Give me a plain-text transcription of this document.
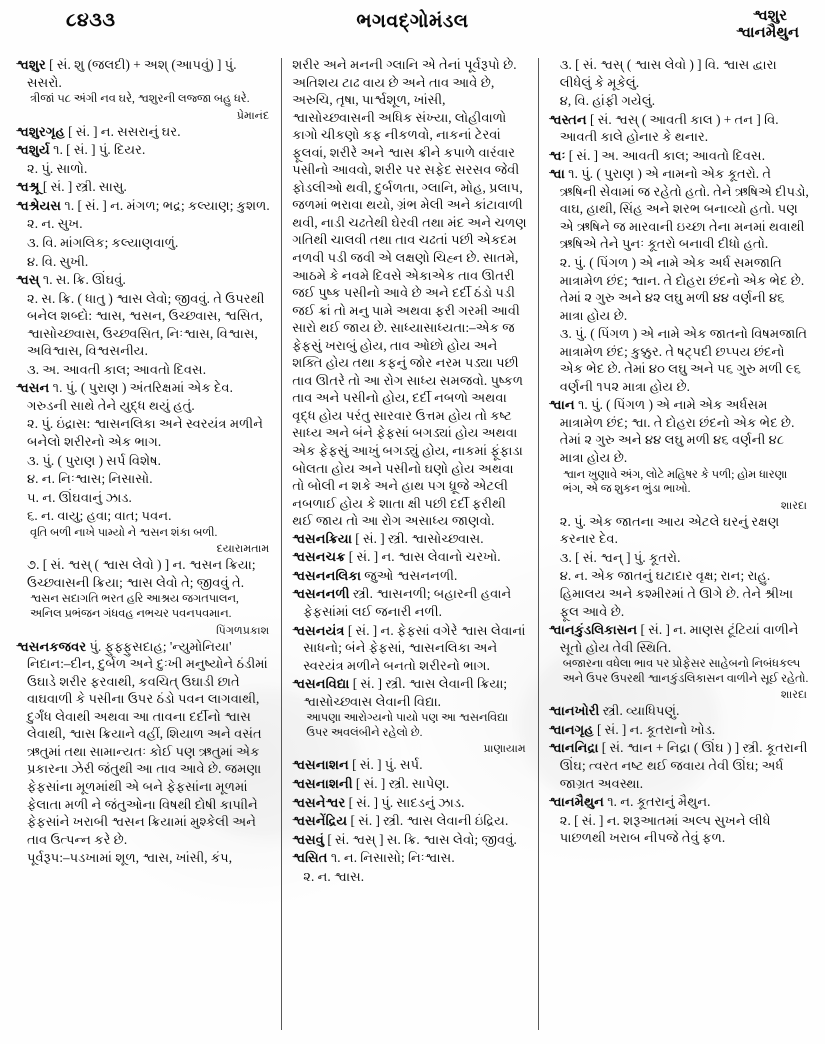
૮૪૩૩	ભગવદ્ગોમંડલ	શ્વશુર
શ્વાનમૈથુન
શ્વશુર [ સં. શુ (જલદી) + અશ્ (આપવું) ] પું. સસરો.
ત્રીજાં ૫૮ અંગી નવ ઘરે, શ્વશુરની લજ્જા બહુ ધરે.
પ્રેમાનંદ
શ્વશુરગૃહ [ સં. ] ન. સસરાનું ઘર.
શ્વશુર્ય ૧. [ સં. ] પું. દિયર.
૨. પું. સાળો.
શ્વશ્રૂ [ સં. ] સ્ત્રી. સાસુ.
શ્વશ્રેયસ ૧. [ સં. ] ન. મંગળ; ભદ્ર; કલ્યાણ; કુશળ.
૨. ન. સુખ.
૩. વિ. માંગલિક; કલ્યાણવાળું.
૪. વિ. સુખી.
શ્વસ્ ૧. સ. ક્રિ. ઊંઘવું.
૨. સ. ક્રિ. ( ધાતુ ) શ્વાસ લેવો; જીવવું. તે ઉપરથી બનેલ શબ્દો: શ્વાસ, શ્વસન, ઉચ્છ્વાસ, શ્વસિત, શ્વાસોચ્છ્વાસ, ઉચ્છ્વસિત, નિઃશ્વાસ, વિશ્વાસ, અવિશ્વાસ, વિશ્વસનીય.
૩. અ. આવતી કાલ; આવતો દિવસ.
શ્વસન ૧. પું. ( પુરાણ ) અંતરિક્ષમાં એક દેવ. ગરુડની સાથે તેને યુદ્ધ થયું હતું.
૨. પું. ઇંદ્રાસ: શ્વાસનલિકા અને સ્વરયંત્ર મળીને બનેલો શરીરનો એક ભાગ.
૩. પું. ( પુરાણ ) સર્પ વિશેષ.
૪. ન. નિઃશ્વાસ; નિસાસો.
૫. ન. ઊંઘવાનું ઝાડ.
૬. ન. વાયુ; હવા; વાત; પવન.
વૃતિ બળી નાખે પામ્યો ને શ્વસન શંકા બળી.
દયારામતામ
૭. [ સં. શ્વસ્ ( શ્વાસ લેવો ) ] ન. શ્વસન ક્રિયા; ઉચ્છ્વાસની ક્રિયા; શ્વાસ લેવો તે; જીવવું તે.
શ્વસન સદાગતિ ભરત હરિ આશ્રય જગતપાલન, અનિલ પ્રભંજન ગંધવહ નભચર પવનપવમાન.
પિંગળપ્રકાશ
શ્વસનકજવર પું. ફુફ્ફુસદાહ; 'ન્યુમોનિયા' નિદાન:–દીન, દુર્બળ અને દુઃખી મનુષ્યોને ઠંડીમાં ઉઘાડે શરીર ફરવાથી, કવચિત્ ઉઘાડી છાતે વાઘવાળી કે પસીના ઉપર ઠંડો પવન લાગવાથી, દુર્ગંધ લેવાથી અથવા આ તાવના દર્દીનો શ્વાસ લેવાથી, શ્વાસ ક્રિયાને વહીં, શિયાળ અને વસંત ઋતુમાં તથા સામાન્યતઃ કોઈ પણ ઋતુમાં એક પ્રકારના ઝેરી જંતુથી આ તાવ આવે છે. જમણા ફેફસાંના મૂળમાંથી એ બને ફેફસાંના મૂળમાં ફેલાતા મળી ને જંતુઓના વિષથી દોષી કાપાીને ફેફસાંને ખરાબી શ્વસન ક્રિયામાં મુશ્કેલી અને તાવ ઉત્પન્ન કરે છે.
પૂર્વરૂપ:–પડખામાં શૂળ, શ્વાસ, ખાંસી, કંપ,
શરીર અને મનની ગ્લાનિ એ તેનાં પૂર્વરૂપો છે. અતિશય ટાઢ વાય છે અને તાવ આવે છે, અરુચિ, તૃષા, પાર્શ્વશૂળ, ખાંસી, શ્વાસોચ્છ્વાસની અધિક સંખ્યા, લોહીવાળો કાગો ચીકણો કફ નીકળવો, નાકનાં ટેરવાં ફૂલવાં, શરીરે અને શ્વાસ ક્રીને કપાળે વારંવાર પસીનો આવવો, શરીર પર સફેદ સરસવ જેવી ફોડલીઓ થવી, દુર્બળતા, ગ્લાનિ, મોહ, પ્રલાપ, જળમાં ભરાવા થયો, ગ્રંભ મેલી અને કાંટાવાળી થવી, નાડી ચઢતેથી ઘેરવી તથા મંદ અને ચળણ ગતિથી ચાલવી તથા તાવ ચઢતાં પછી એકદમ નળવી પડી જવી એ લક્ષણો ચિહ્ન છે. સાતમે, આઠમે કે નવમે દિવસે એકાએક તાવ ઊતરી જઈ પુષ્ક પસીનો આવે છે અને દર્દી ઠંડો પડી જઈ ક્રાં તો મનુ પામે અથવા ફરી ગરમી આવી સારો થઈ જાય છે. સાધ્યાસાધ્યતા:–એક જ ફેફસું ખરાબું હોય, તાવ ઓછો હોય અને શક્તિ હોય તથા કફનું જોર નરમ પડ્યા પછી તાવ ઊતરે તો આ રોગ સાધ્ય સમજવો. પુષ્કળ તાવ અને પસીનો હોય, દર્દી નબળો અથવા વૃદ્ધ હોય પરંતુ સારવાર ઉત્તમ હોય તો કષ્ટ સાધ્ય અને બંને ફેફસાં બગડ્યાં હોય અથવા એક ફેફસું આખું બગડ્યું હોય, નાકમાં ફૂંફાડા બોલતા હોય અને પસીનો ઘણો હોય અથવા તો બોલી ન શકે અને હાથ પગ ધ્રૂજે એટલી નબળાઈ હોય કે શાતા ક્ષી પછી દર્દી ફરીથી થઈ જાય તો આ રોગ અસાધ્ય જાણવો.
શ્વસનક્રિયા [ સં. ] સ્ત્રી. શ્વાસોચ્છ્વાસ.
શ્વસનચક્ર [ સં. ] ન. શ્વાસ લેવાનો ચરખો.
શ્વસનનલિકા જુઓ શ્વસનનળી.
શ્વસનનળી સ્ત્રી. શ્વાસનળી; બહારની હવાને ફેફસાંમાં લઈ જનારી નળી.
શ્વસનયંત્ર [ સં. ] ન. ફેફસાં વગેરે શ્વાસ લેવાનાં સાધનો; બંને ફેફસાં, શ્વાસનલિકા અને સ્વરયંત્ર મળીને બનતો શરીરનો ભાગ.
શ્વસનવિદ્યા [ સં. ] સ્ત્રી. શ્વાસ લેવાની ક્રિયા; શ્વાસોચ્છ્વાસ લેવાની વિદ્યા.
આપણા આરોગ્યનો પાયો પણ આ શ્વસનવિદ્યા ઉપર અવલંબીને રહેલો છે.
પ્રાણાયામ
શ્વસનાશન [ સં. ] પું. સર્પ.
શ્વસનાશની [ સં. ] સ્ત્રી. સાપેણ.
શ્વસનેશ્વર [ સં. ] પું. સાદડનું ઝાડ.
શ્વસનેંદ્રિય [ સં. ] સ્ત્રી. શ્વાસ લેવાની ઇંદ્રિય.
શ્વસવું [ સં. શ્વસ્ ] સ. ક્રિ. શ્વાસ લેવો; જીવવું.
શ્વસિત ૧. ન. નિસાસો; નિઃશ્વાસ.
૨. ન. શ્વાસ.
૩. [ સં. શ્વસ્ ( શ્વાસ લેવો ) ] વિ. શ્વાસ દ્વારા લીધેલું કે મૂકેલું.
૪, વિ. હાંફી ગયેલું.
શ્વસ્તન [ સં. શ્વસ્ ( આવતી કાલ ) + તન ] વિ. આવતી કાલે હોનાર કે થનાર.
શ્વઃ [ સં. ] અ. આવતી કાલ; આવતો દિવસ.
શ્વા ૧. પું. ( પુરાણ ) એ નામનો એક કૂતરો. તે ઋષિની સેવામાં જ રહેતો હતો. તેને ઋષિએ દીપડો, વાઘ, હાથી, સિંહ અને શરભ બનાવ્યો હતો. પણ એ ઋષિને જ મારવાની ઇચ્છા તેના મનમાં થવાથી ઋષિએ તેને પુનઃ કૂતરો બનાવી દીધો હતો.
૨. પું. ( પિંગળ ) એ નામે એક અર્ધ સમજાતિ માત્રામેળ છંદ; શ્વાન. તે દોહરા છંદનો એક ભેદ છે. તેમાં ૨ ગુરુ અને ૪૨ લઘુ મળી ૪૪ વર્ણની ૪૬ માત્રા હોય છે.
૩. પું. ( પિંગળ ) એ નામે એક જાતનો વિષમજાતિ માત્રામેળ છંદ; કુક્કુર. તે ષટ્પદી છપ્પય છંદનો એક ભેદ છે. તેમાં ૪૦ લઘુ અને ૫૬ ગુરુ મળી ૯૬ વર્ણની ૧૫૨ માત્રા હોય છે.
શ્વાન ૧. પું. ( પિંગળ ) એ નામે એક અર્ધસમ માત્રામેળ છંદ; શ્વા. તે દોહરા છંદનો એક ભેદ છે. તેમાં ૨ ગુરુ અને ૪૪ લઘુ મળી ૪૬ વર્ણની ૪૮ માત્રા હોય છે.
શ્વાન ખુણાવે અંગ, લોટે મહિષર કે પળી; હોમ ધારણા ભંગ, એ જ શુકન ભુંડા ભાખો.
શારદા
૨. પું. એક જાતના આય એટલે ઘરનું રક્ષણ કરનાર દેવ.
૩. [ સં. શ્વન્ ] પું. કૂતરો.
૪. ન. એક જાતનું ઘટાદાર વૃક્ષ; રાન; રાહુ. હિમાલય અને કશ્મીરમાં તે ઊગે છે. તેને શ્રીખા ફૂલ આવે છે.
શ્વાનકુંડલિકાસન [ સં. ] ન. માણસ ટૂંટિયાં વાળીને સૂતો હોય તેવી સ્થિતિ.
બજારના વધેલા ભાવ પર પ્રોફેસર સાહેબનો નિબંધકલ્પ અને ઉપર ઉપરથી શ્વાનકુંડલિકાસન વાળીને સૂઈ રહેતો.
શારદા
શ્વાનખોરી સ્ત્રી. વ્યાધિપણું.
શ્વાનગૃહ [ સં. ] ન. કૂતરાનો ખોડ.
શ્વાનનિદ્રા [ સં. શ્વાન + નિદ્રા ( ઊંઘ ) ] સ્ત્રી. કૂતરાની ઊંઘ; ત્વરત નષ્ટ થઈ જવાય તેવી ઊંઘ; અર્ધ જાગ્રત અવસ્થા.
શ્વાનમૈથુન ૧. ન. કૂતરાનું મૈથુન.
૨. [ સં. ] ન. શરૂઆતમાં અલ્પ સુખને લીધે પાછળથી ખરાબ નીપજે તેવું ફળ.
